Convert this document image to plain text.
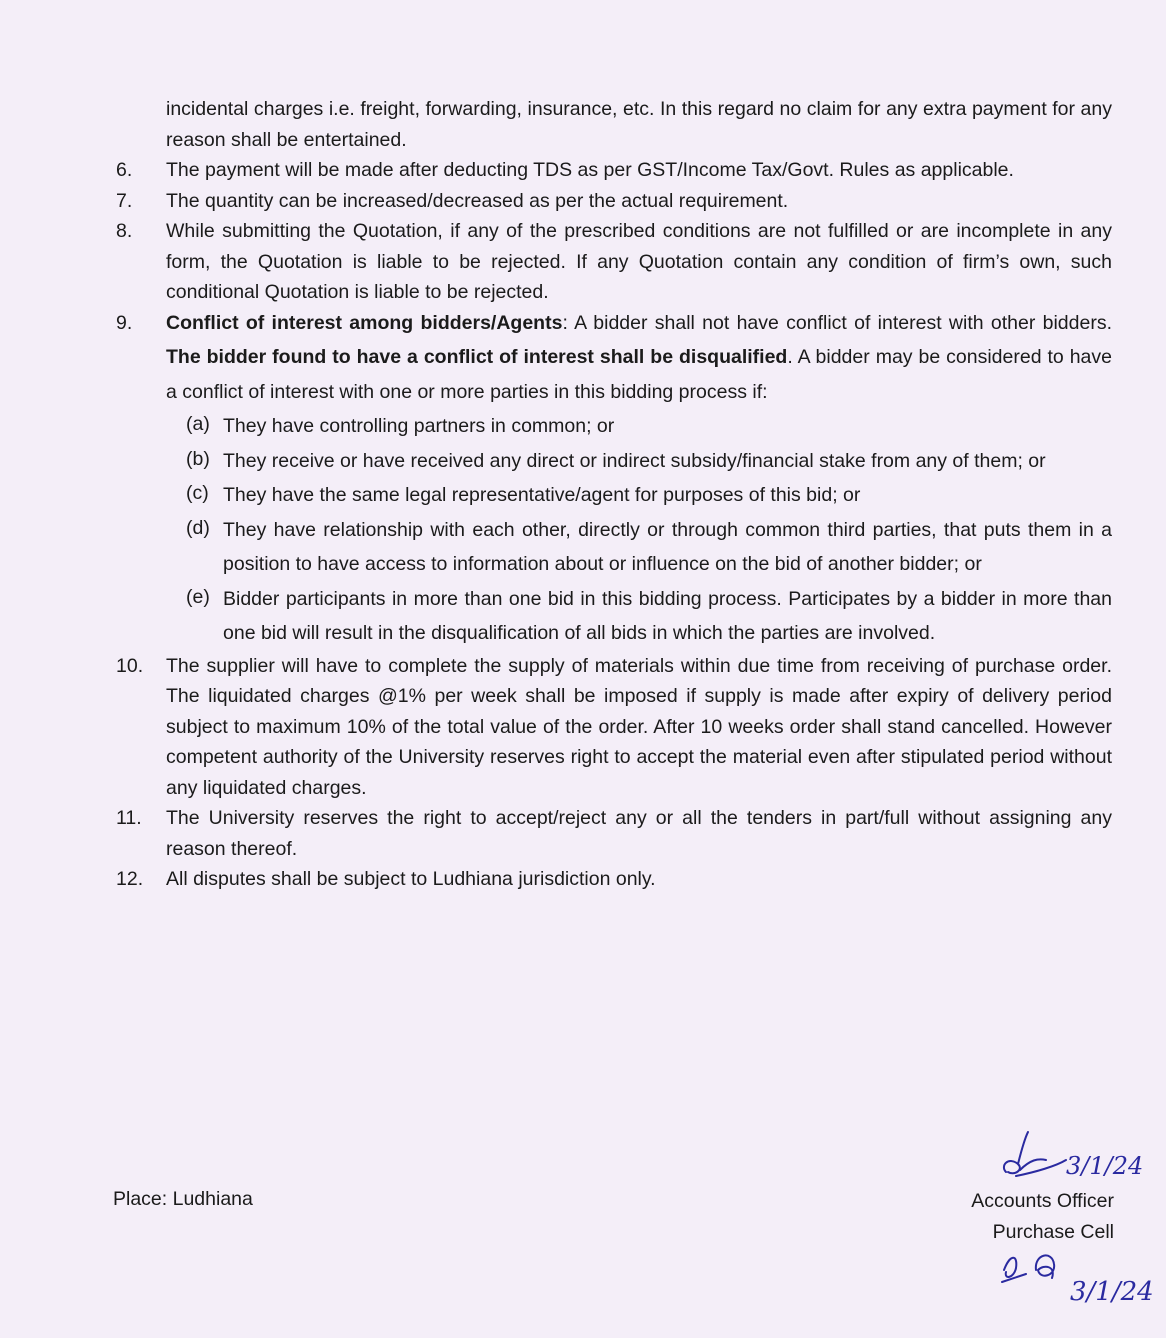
incidental charges i.e. freight, forwarding, insurance, etc. In this regard no claim for any extra payment for any reason shall be entertained.
6.	The payment will be made after deducting TDS as per GST/Income Tax/Govt. Rules as applicable.
7.	The quantity can be increased/decreased as per the actual requirement.
8.	While submitting the Quotation, if any of the prescribed conditions are not fulfilled or are incomplete in any form, the Quotation is liable to be rejected. If any Quotation contain any condition of firm’s own, such conditional Quotation is liable to be rejected.
9.	Conflict of interest among bidders/Agents: A bidder shall not have conflict of interest with other bidders. The bidder found to have a conflict of interest shall be disqualified. A bidder may be considered to have a conflict of interest with one or more parties in this bidding process if:
(a) They have controlling partners in common; or
(b) They receive or have received any direct or indirect subsidy/financial stake from any of them; or
(c) They have the same legal representative/agent for purposes of this bid; or
(d) They have relationship with each other, directly or through common third parties, that puts them in a position to have access to information about or influence on the bid of another bidder; or
(e) Bidder participants in more than one bid in this bidding process. Participates by a bidder in more than one bid will result in the disqualification of all bids in which the parties are involved.
10.	The supplier will have to complete the supply of materials within due time from receiving of purchase order. The liquidated charges @1% per week shall be imposed if supply is made after expiry of delivery period subject to maximum 10% of the total value of the order. After 10 weeks order shall stand cancelled. However competent authority of the University reserves right to accept the material even after stipulated period without any liquidated charges.
11.	The University reserves the right to accept/reject any or all the tenders in part/full without assigning any reason thereof.
12.	All disputes shall be subject to Ludhiana jurisdiction only.
Place: Ludhiana	Accounts Officer
Purchase Cell
3/1/24
3/1/24
